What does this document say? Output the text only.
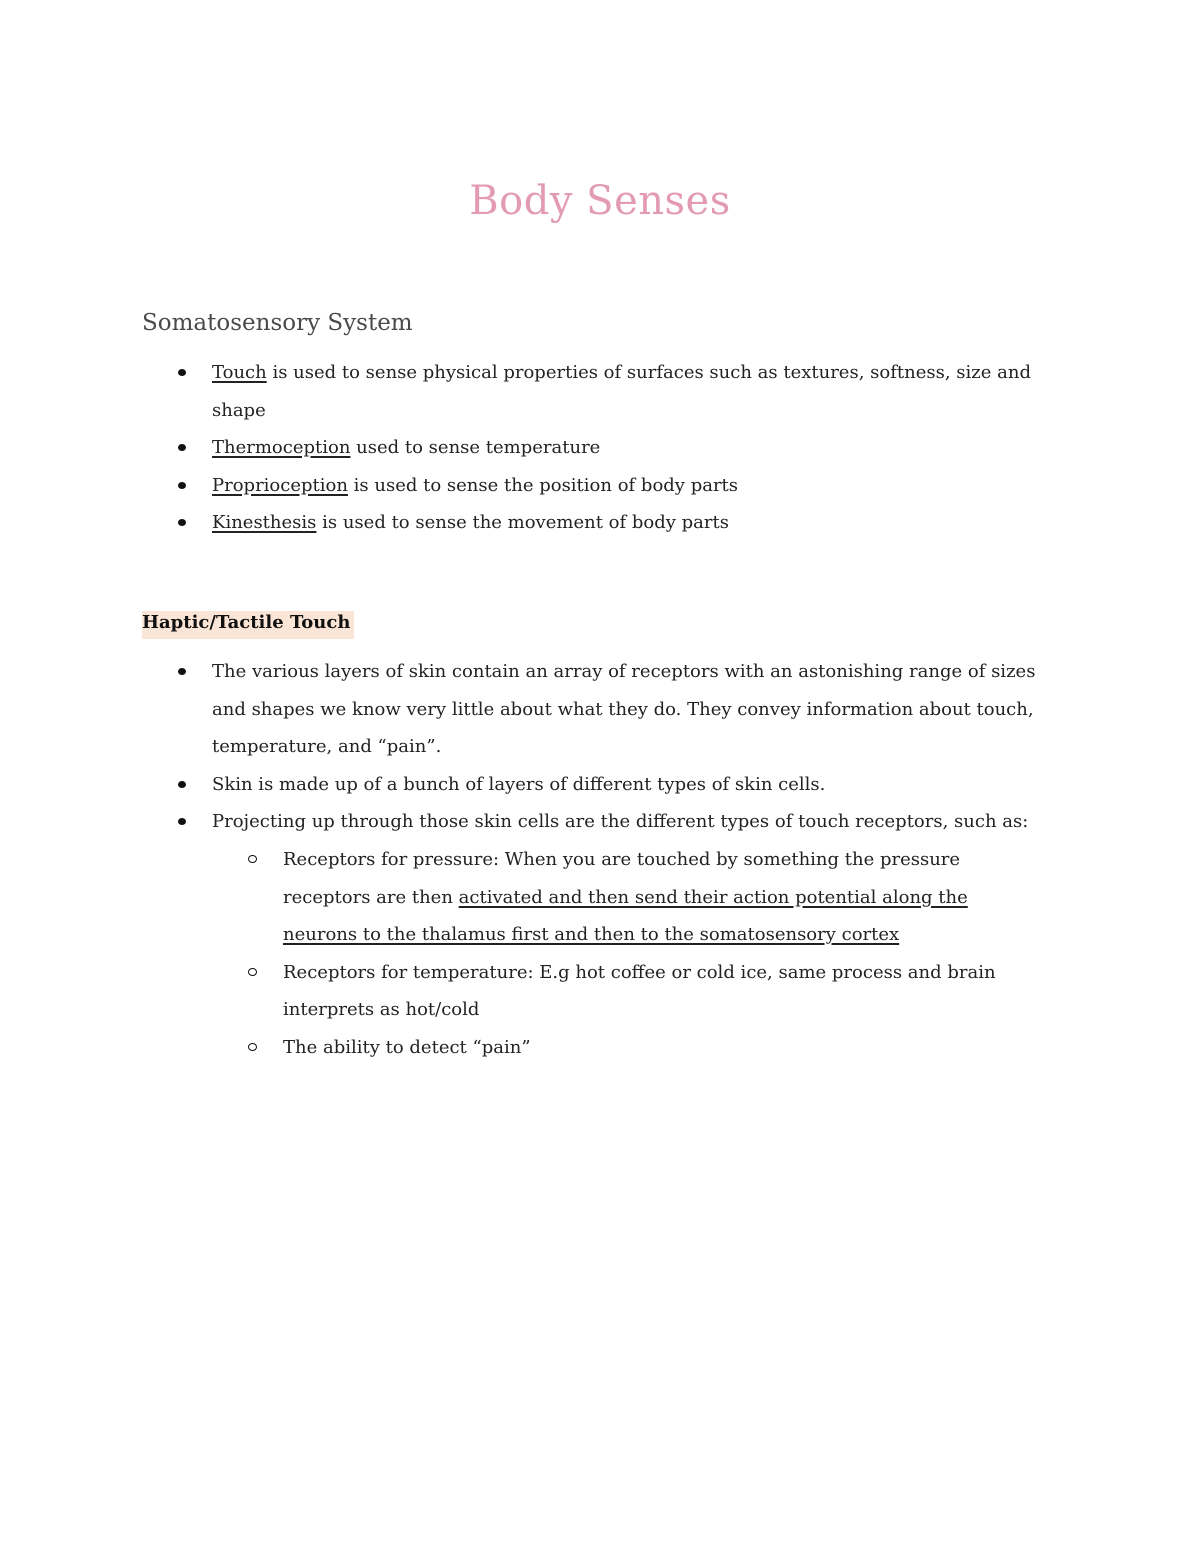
Body Senses
Somatosensory System
Touch is used to sense physical properties of surfaces such as textures, softness, size and shape
Thermoception used to sense temperature
Proprioception is used to sense the position of body parts
Kinesthesis is used to sense the movement of body parts
Haptic/Tactile Touch
The various layers of skin contain an array of receptors with an astonishing range of sizes and shapes we know very little about what they do. They convey information about touch, temperature, and “pain”.
Skin is made up of a bunch of layers of different types of skin cells.
Projecting up through those skin cells are the different types of touch receptors, such as:
Receptors for pressure: When you are touched by something the pressure receptors are then activated and then send their action potential along the neurons to the thalamus first and then to the somatosensory cortex
Receptors for temperature: E.g hot coffee or cold ice, same process and brain interprets as hot/cold
The ability to detect “pain”
